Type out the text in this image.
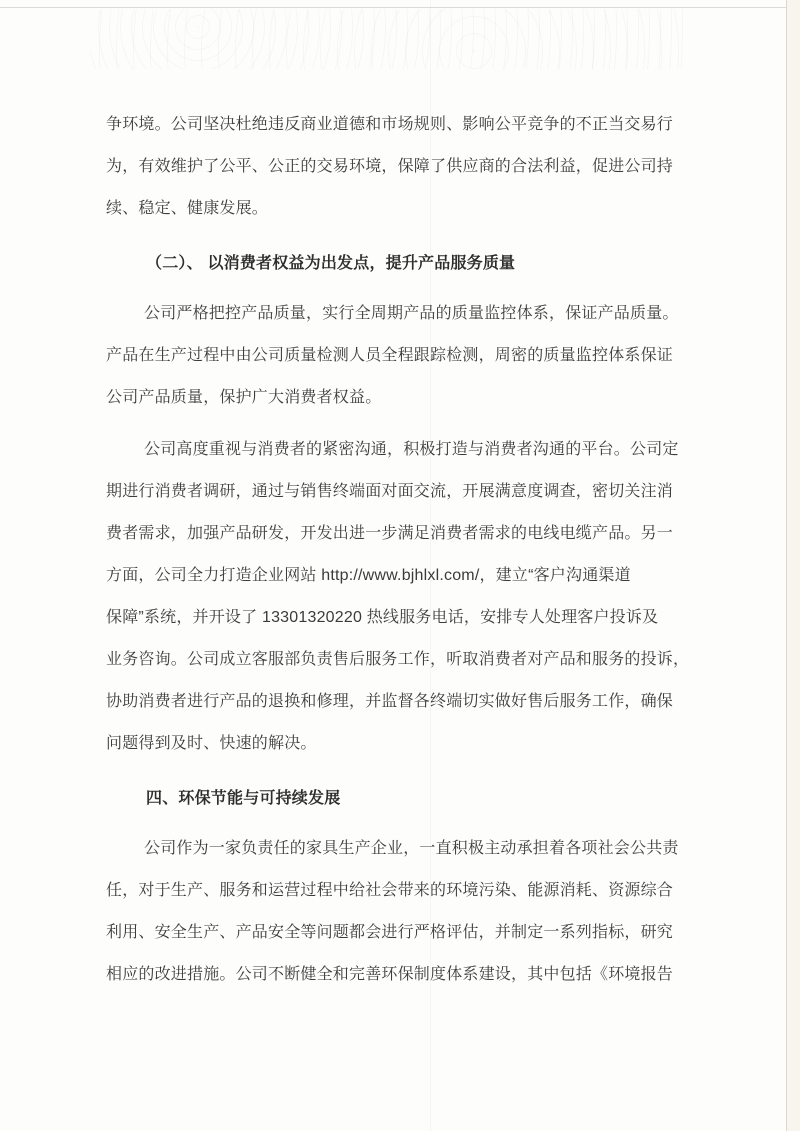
争环境。公司坚决杜绝违反商业道德和市场规则、影响公平竞争的不正当交易行
为，有效维护了公平、公正的交易环境，保障了供应商的合法利益，促进公司持
续、稳定、健康发展。
（二）、 以消费者权益为出发点，提升产品服务质量
公司严格把控产品质量，实行全周期产品的质量监控体系，保证产品质量。
产品在生产过程中由公司质量检测人员全程跟踪检测，周密的质量监控体系保证
公司产品质量，保护广大消费者权益。
公司高度重视与消费者的紧密沟通，积极打造与消费者沟通的平台。公司定
期进行消费者调研，通过与销售终端面对面交流，开展满意度调查，密切关注消
费者需求，加强产品研发，开发出进一步满足消费者需求的电线电缆产品。另一
方面，公司全力打造企业网站 http://www.bjhlxl.com/，建立“客户沟通渠道
保障”系统，并开设了 13301320220 热线服务电话，安排专人处理客户投诉及
业务咨询。公司成立客服部负责售后服务工作，听取消费者对产品和服务的投诉，
协助消费者进行产品的退换和修理，并监督各终端切实做好售后服务工作，确保
问题得到及时、快速的解决。
四、环保节能与可持续发展
公司作为一家负责任的家具生产企业，一直积极主动承担着各项社会公共责
任，对于生产、服务和运营过程中给社会带来的环境污染、能源消耗、资源综合
利用、安全生产、产品安全等问题都会进行严格评估，并制定一系列指标，研究
相应的改进措施。公司不断健全和完善环保制度体系建设，其中包括《环境报告
